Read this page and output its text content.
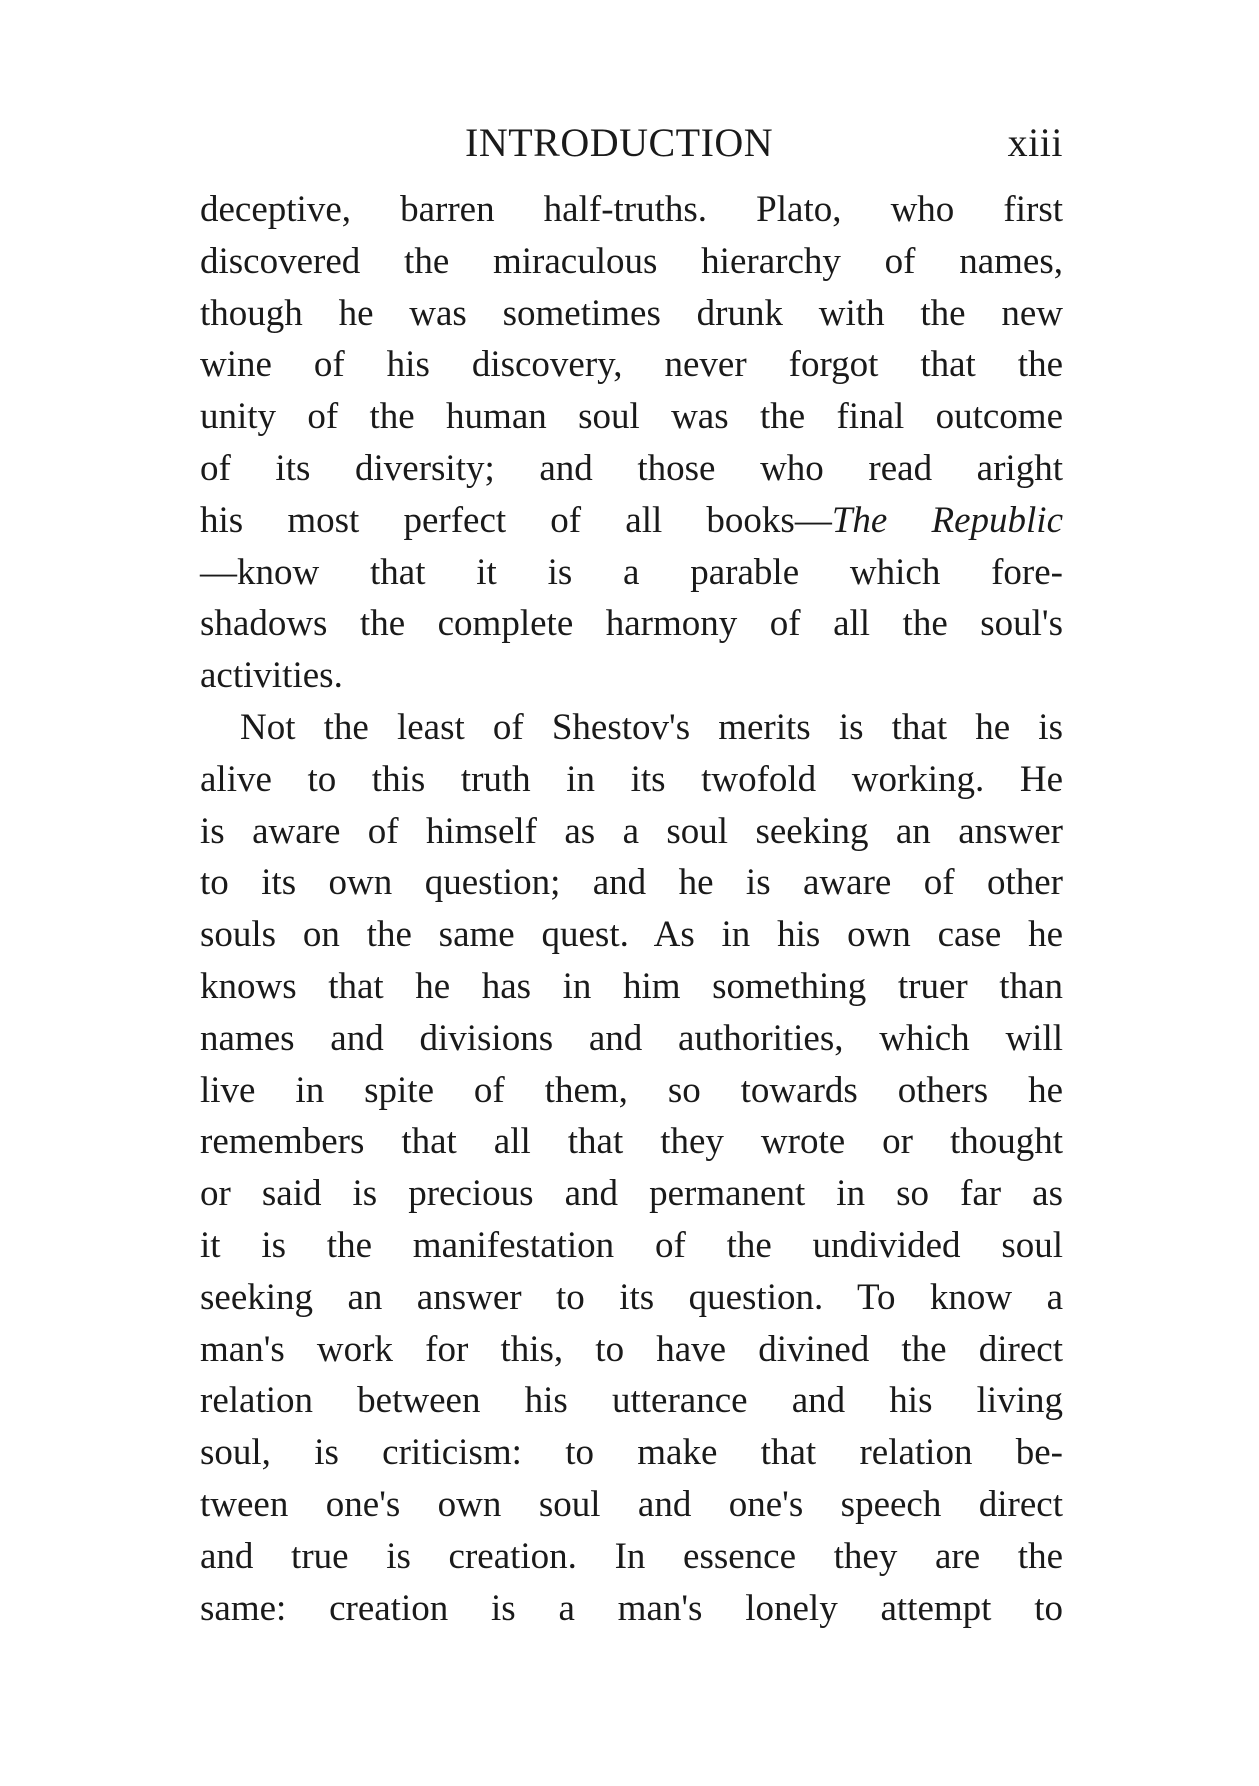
INTRODUCTION	xiii
deceptive, barren half-truths. Plato, who first
discovered the miraculous hierarchy of names,
though he was sometimes drunk with the new
wine of his discovery, never forgot that the
unity of the human soul was the final outcome
of its diversity; and those who read aright
his most perfect of all books—The Republic
—know that it is a parable which fore-
shadows the complete harmony of all the soul's
activities.
Not the least of Shestov's merits is that he is
alive to this truth in its twofold working. He
is aware of himself as a soul seeking an answer
to its own question; and he is aware of other
souls on the same quest. As in his own case he
knows that he has in him something truer than
names and divisions and authorities, which will
live in spite of them, so towards others he
remembers that all that they wrote or thought
or said is precious and permanent in so far as
it is the manifestation of the undivided soul
seeking an answer to its question. To know a
man's work for this, to have divined the direct
relation between his utterance and his living
soul, is criticism: to make that relation be-
tween one's own soul and one's speech direct
and true is creation. In essence they are the
same: creation is a man's lonely attempt to
